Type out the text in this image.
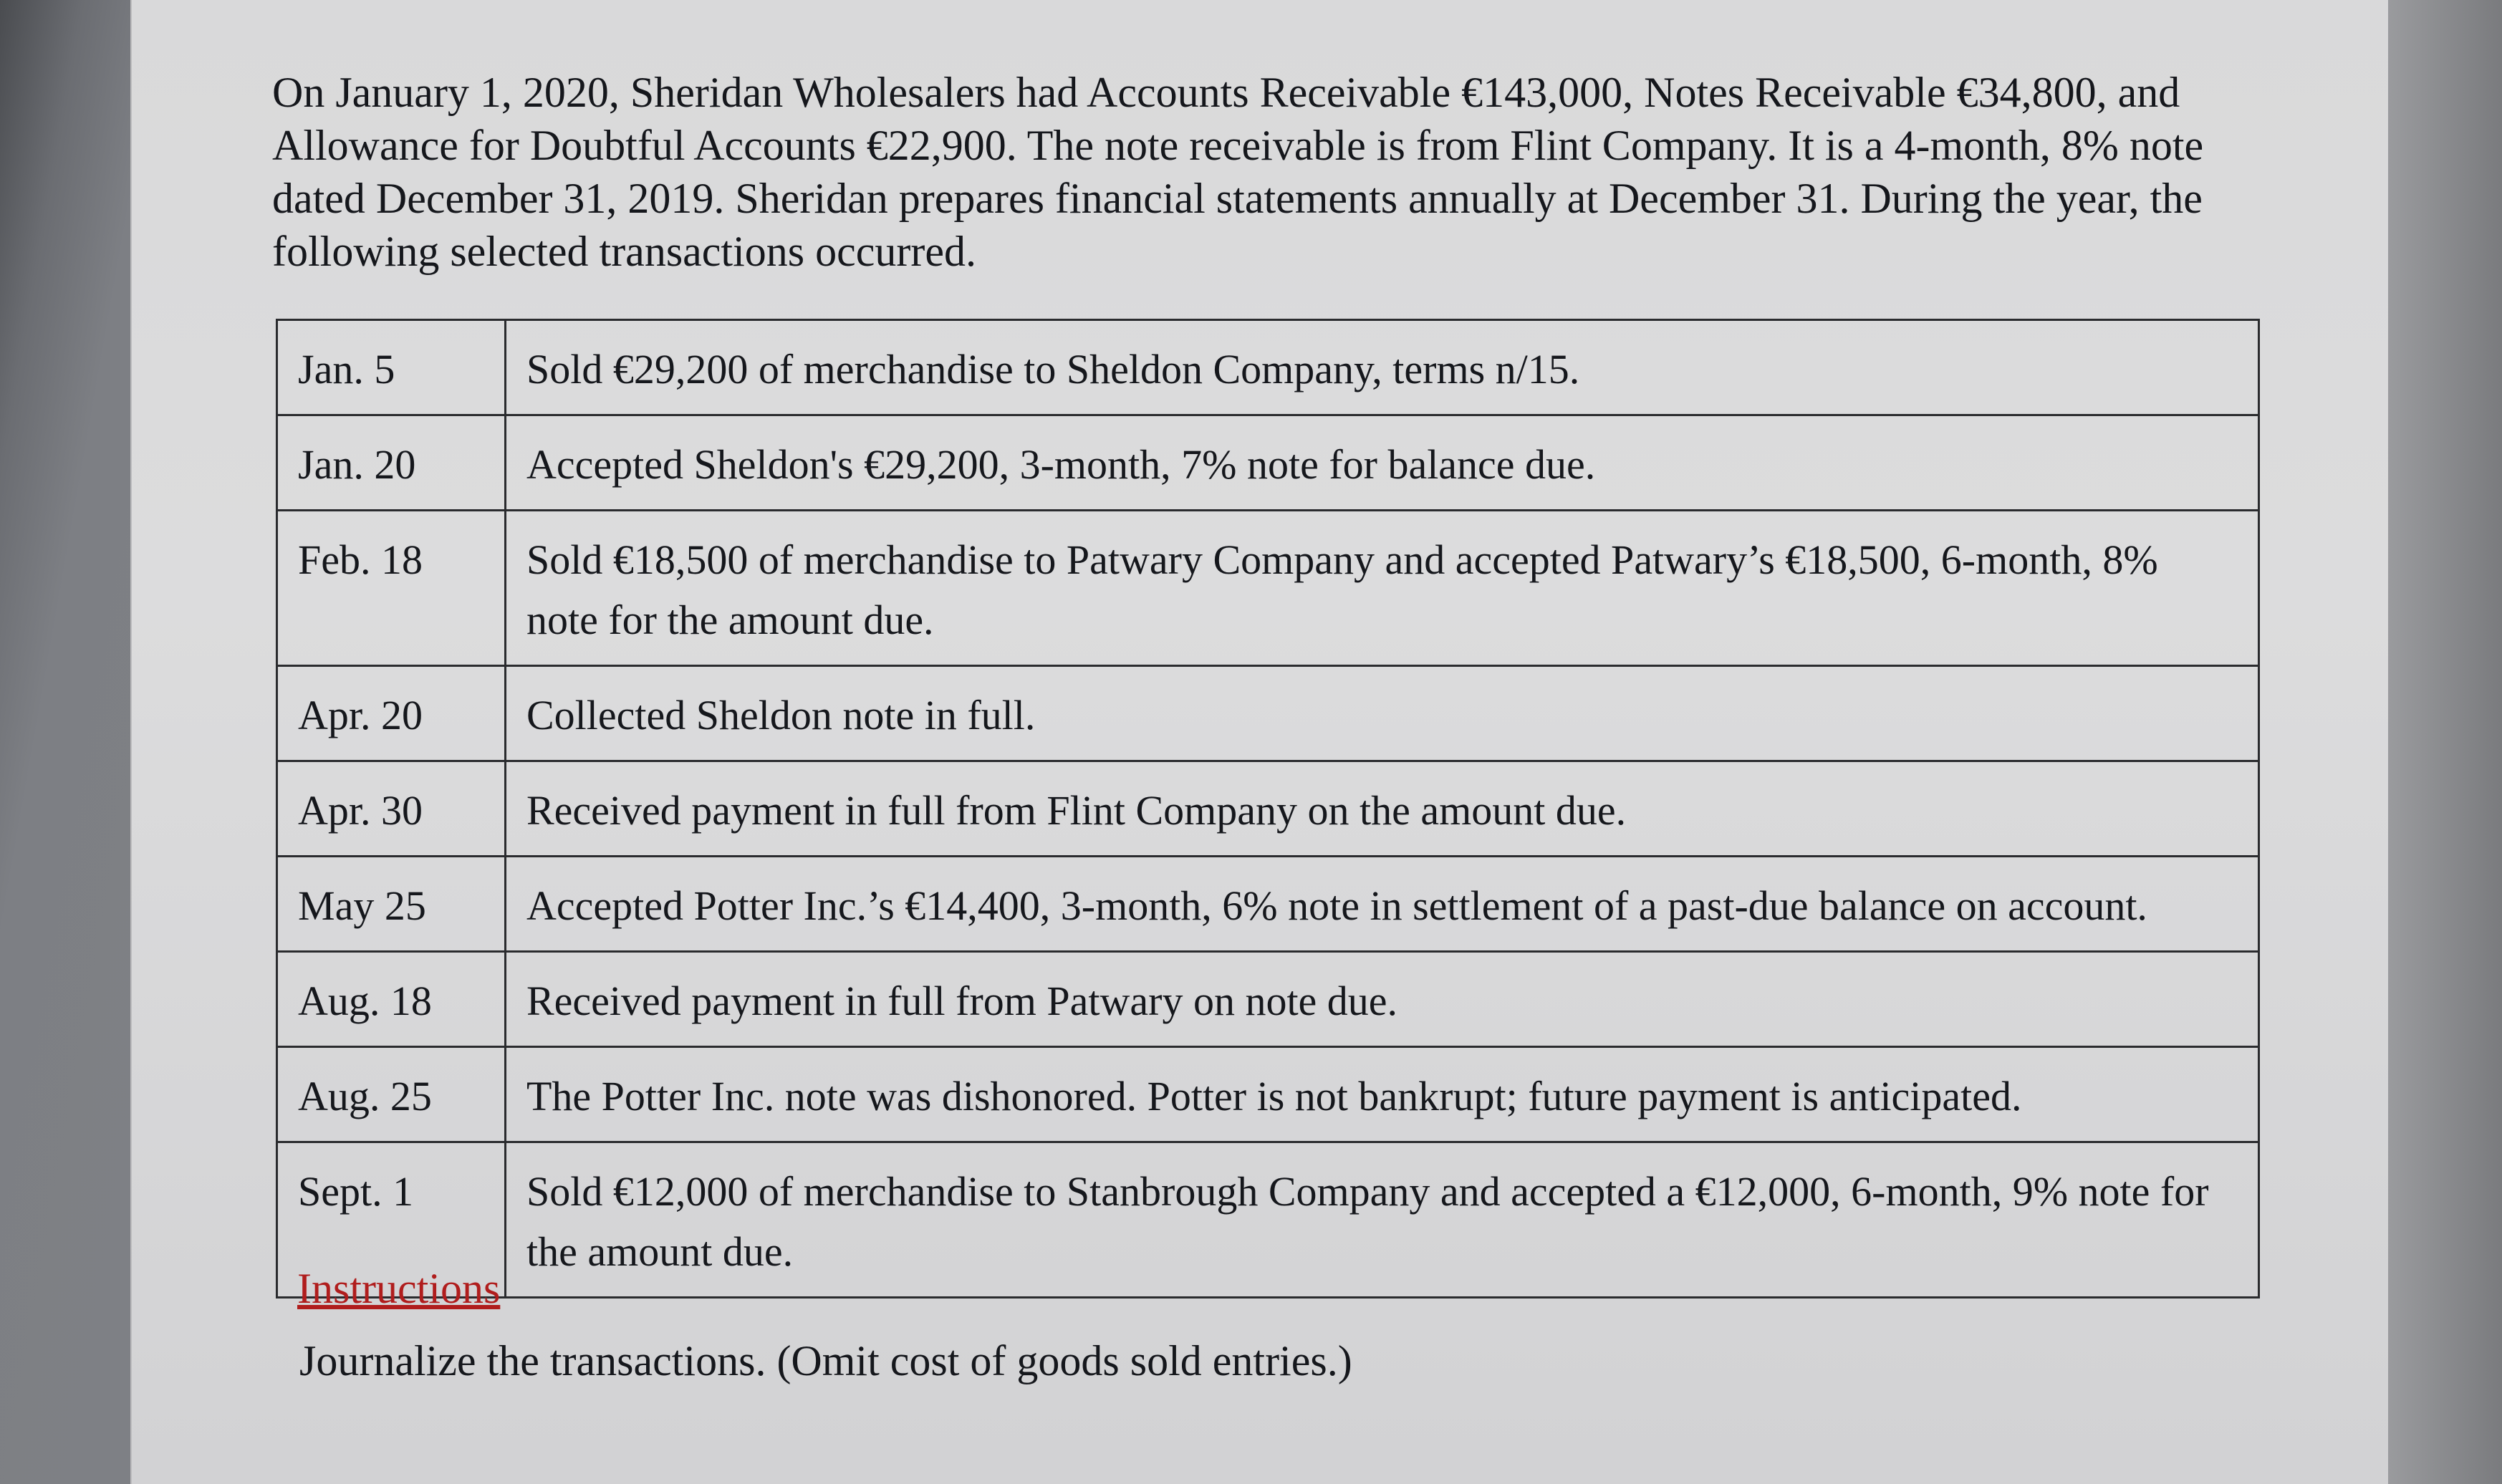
On January 1, 2020, Sheridan Wholesalers had Accounts Receivable €143,000, Notes Receivable €34,800, and Allowance for Doubtful Accounts €22,900. The note receivable is from Flint Company. It is a 4-month, 8% note dated December 31, 2019. Sheridan prepares financial statements annually at December 31. During the year, the following selected transactions occurred.

Jan. 5	Sold €29,200 of merchandise to Sheldon Company, terms n/15.
Jan. 20	Accepted Sheldon's €29,200, 3-month, 7% note for balance due.
Feb. 18	Sold €18,500 of merchandise to Patwary Company and accepted Patwary’s €18,500, 6-month, 8% note for the amount due.
Apr. 20	Collected Sheldon note in full.
Apr. 30	Received payment in full from Flint Company on the amount due.
May 25	Accepted Potter Inc.’s €14,400, 3-month, 6% note in settlement of a past-due balance on account.
Aug. 18	Received payment in full from Patwary on note due.
Aug. 25	The Potter Inc. note was dishonored. Potter is not bankrupt; future payment is anticipated.
Sept. 1	Sold €12,000 of merchandise to Stanbrough Company and accepted a €12,000, 6-month, 9% note for the amount due.
Instructions
Journalize the transactions. (Omit cost of goods sold entries.)
